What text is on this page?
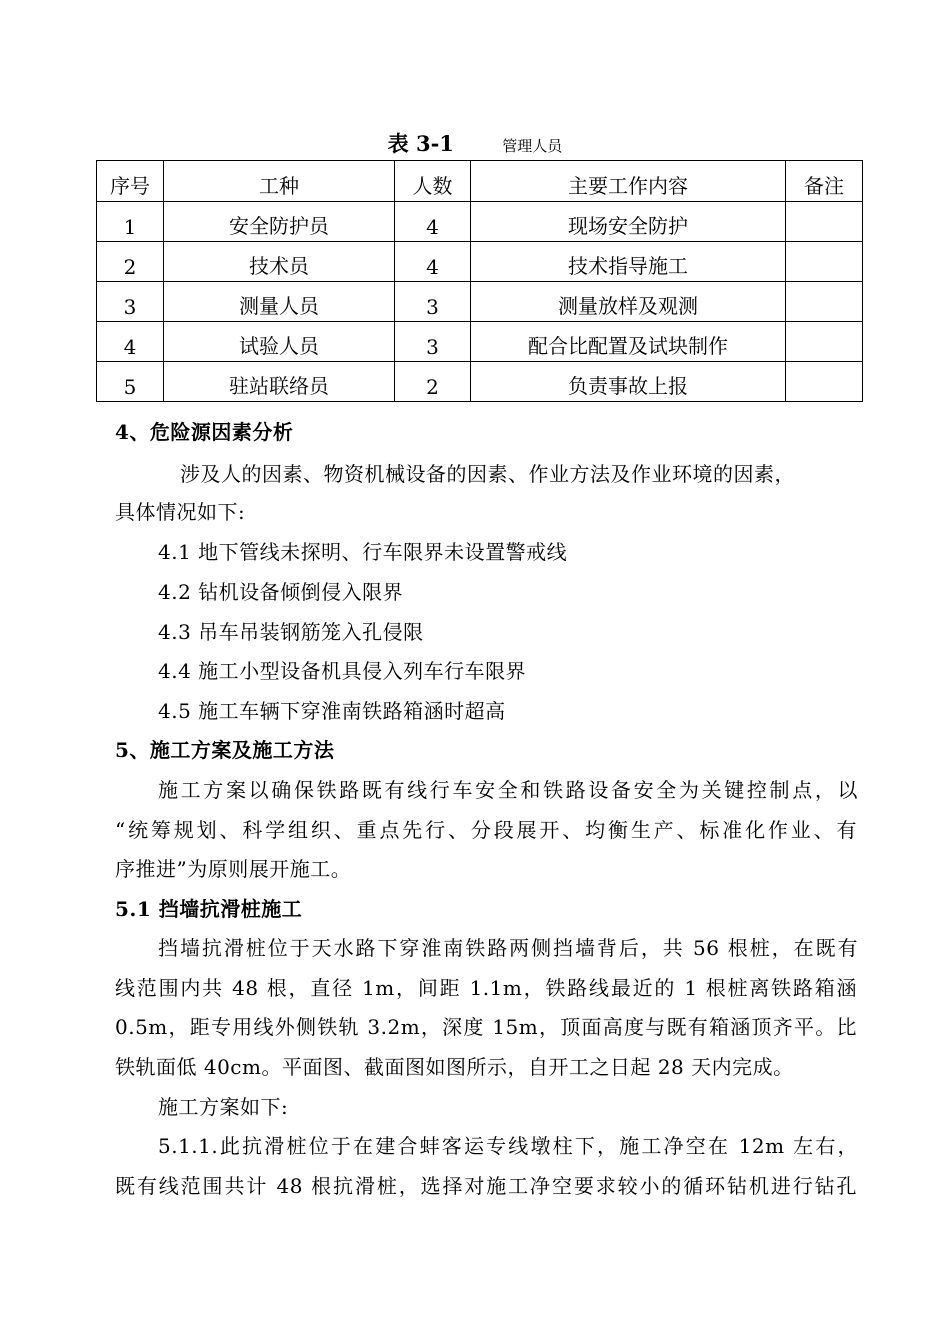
表 3-1	管理人员
序号	工种	人数	主要工作内容	备注
1	安全防护员	4	现场安全防护	
2	技术员	4	技术指导施工	
3	测量人员	3	测量放样及观测	
4	试验人员	3	配合比配置及试块制作	
5	驻站联络员	2	负责事故上报	
4、危险源因素分析
涉及人的因素、物资机械设备的因素、作业方法及作业环境的因素，
具体情况如下:
4.1 地下管线未探明、行车限界未设置警戒线
4.2 钻机设备倾倒侵入限界
4.3 吊车吊装钢筋笼入孔侵限
4.4 施工小型设备机具侵入列车行车限界
4.5 施工车辆下穿淮南铁路箱涵时超高
5、施工方案及施工方法
施工方案以确保铁路既有线行车安全和铁路设备安全为关键控制点，以
“统筹规划、科学组织、重点先行、分段展开、均衡生产、标准化作业、有
序推进”为原则展开施工。
5.1 挡墙抗滑桩施工
挡墙抗滑桩位于天水路下穿淮南铁路两侧挡墙背后，共 56 根桩，在既有
线范围内共 48 根，直径 1m，间距 1.1m，铁路线最近的 1 根桩离铁路箱涵
0.5m，距专用线外侧铁轨 3.2m，深度 15m，顶面高度与既有箱涵顶齐平。比
铁轨面低 40cm。平面图、截面图如图所示，自开工之日起 28 天内完成。
施工方案如下:
5.1.1.此抗滑桩位于在建合蚌客运专线墩柱下，施工净空在 12m 左右，
既有线范围共计 48 根抗滑桩，选择对施工净空要求较小的循环钻机进行钻孔
